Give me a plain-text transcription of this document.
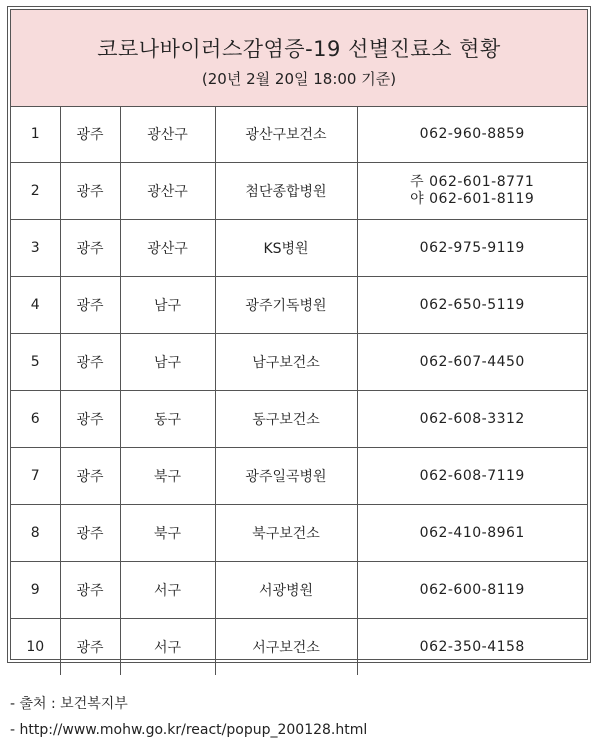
코로나바이러스감염증-19 선별진료소 현황
(20년 2월 20일 18:00 기준)
1	광주	광산구	광산구보건소	062-960-8859

2	광주	광산구	첨단종합병원	주 062-601-8771
야 062-601-8119

3	광주	광산구	KS병원	062-975-9119

4	광주	남구	광주기독병원	062-650-5119

5	광주	남구	남구보건소	062-607-4450

6	광주	동구	동구보건소	062-608-3312

7	광주	북구	광주일곡병원	062-608-7119

8	광주	북구	북구보건소	062-410-8961

9	광주	서구	서광병원	062-600-8119

10	광주	서구	서구보건소	062-350-4158
- 출처 : 보건복지부
- http://www.mohw.go.kr/react/popup_200128.html
